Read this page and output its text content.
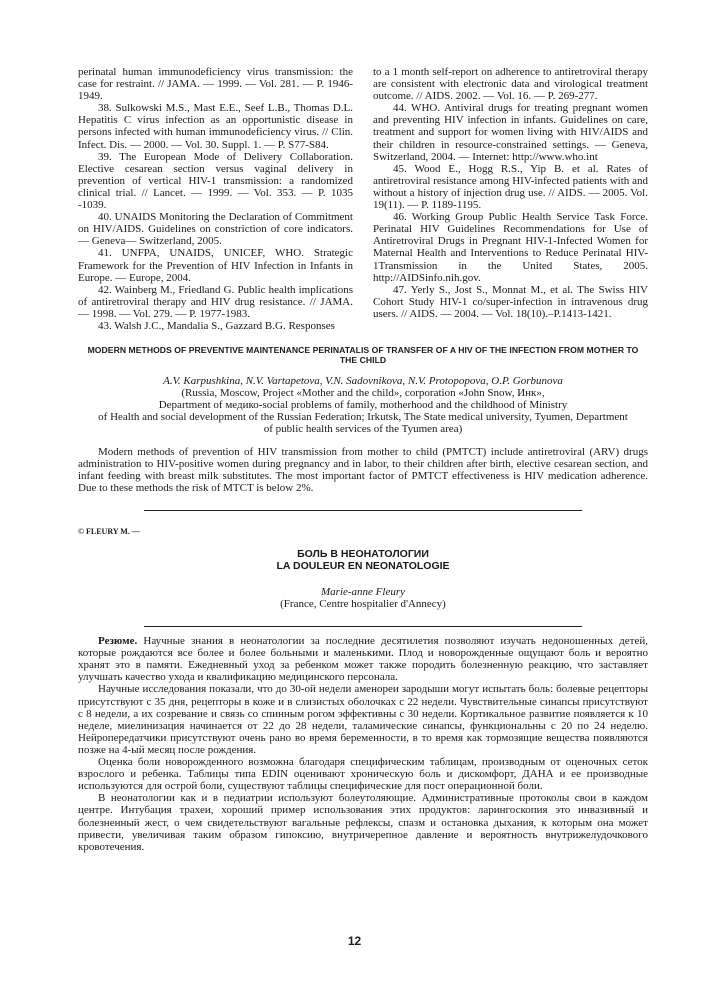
perinatal human immunodeficiency virus transmission: the case for restraint. // JAMA. — 1999. — Vol. 281. — P. 1946-1949.

38. Sulkowski M.S., Mast E.E., Seef L.B., Thomas D.L. Hepatitis C virus infection as an opportunistic disease in persons infected with human immunodeficiency virus. // Clin. Infect. Dis. — 2000. — Vol. 30. Suppl. 1. — P. S77-S84.

39. The European Mode of Delivery Collaboration. Elective cesarean section versus vaginal delivery in prevention of vertical HIV-1 transmission: a randomized clinical trial. // Lancet. — 1999. — Vol. 353. — P. 1035 -1039.

40. UNAIDS Monitoring the Declaration of Commitment on HIV/AIDS. Guidelines on constriction of core indicators. — Geneva— Switzerland, 2005.

41. UNFPA, UNAIDS, UNICEF, WHO. Strategic Framework for the Prevention of HIV Infection in Infants in Europe. — Europe, 2004.

42. Wainberg M., Friedland G. Public health implications of antiretroviral therapy and HIV drug resistance. // JAMA. — 1998. — Vol. 279. — P. 1977-1983.

43. Walsh J.C., Mandalia S., Gazzard B.G. Responses

to a 1 month self-report on adherence to antiretroviral therapy are consistent with electronic data and virological treatment outcome. // AIDS. 2002. — Vol. 16. — P. 269-277.

44. WHO. Antiviral drugs for treating pregnant women and preventing HIV infection in infants. Guidelines on care, treatment and support for women living with HIV/AIDS and their children in resource-constrained settings. — Geneva, Switzerland, 2004. — Internet: http://www.who.int

45. Wood E., Hogg R.S., Yip B. et al. Rates of antiretroviral resistance among HIV-infected patients with and without a history of injection drug use. // AIDS. — 2005. Vol. 19(11). — P. 1189-1195.

46. Working Group Public Health Service Task Force. Perinatal HIV Guidelines Recommendations for Use of Antiretroviral Drugs in Pregnant HIV-1-Infected Women for Maternal Health and Interventions to Reduce Perinatal HIV-1Transmission in the United States, 2005. http://AIDSinfo.nih.gov.

47. Yerly S., Jost S., Monnat M., et al. The Swiss HIV Cohort Study HIV-1 co/super-infection in intravenous drug users. // AIDS. — 2004. — Vol. 18(10).–P.1413-1421.

MODERN METHODS OF PREVENTIVE MAINTENANCE PERINATALIS OF TRANSFER OF A HIV OF THE INFECTION FROM MOTHER TO THE CHILD
A.V. Karpushkina, N.V. Vartapetova, V.N. Sadovnikova, N.V. Protopopova, O.P. Gorbunova
(Russia, Moscow, Project «Mother and the child», corporation «John Snow, Инк»,
Department of медико-social problems of family, motherhood and the childhood of Ministry
of Health and social development of the Russian Federation; Irkutsk, The State medical university, Tyumen, Department
of public health services of the Tyumen area)

Modern methods of prevention of HIV transmission from mother to child (PMTCT) include antiretroviral (ARV) drugs administration to HIV-positive women during pregnancy and in labor, to their children after birth, elective cesarean section, and infant feeding with breast milk substitutes. The most important factor of PMTCT effectiveness is HIV medication adherence. Due to these methods the risk of MTCT is below 2%.

© FLEURY M. —
БОЛЬ В НЕОНАТОЛОГИИ
LA DOULEUR EN NEONATOLOGIE
Marie-anne Fleury
(France, Centre hospitalier d'Annecy)

Резюме. Научные знания в неонатологии за последние десятилетия позволяют изучать недоношенных детей, которые рождаются все более и более больными и маленькими. Плод и новорожденные ощущают боль и вероятно хранят это в памяти. Ежедневный уход за ребенком может также породить болезненную реакцию, что заставляет улучшать качество ухода и квалификацию медицинского персонала.

Научные исследования показали, что до 30-ой недели аменореи зародыши могут испытать боль: болевые рецепторы присутствуют с 35 дня, рецепторы в коже и в слизистых оболочках с 22 недели. Чувствительные синапсы присутствуют с 8 недели, а их созревание и связь со спинным рогом эффективны с 30 недели. Кортикальное развитие появляется к 10 неделе, миелинизация начинается от 22 до 28 недели, таламические синапсы, функциональны с 20 по 24 неделю. Нейропередатчики присутствуют очень рано во время беременности, в то время как тормозящие вещества появляются позже на 4-ый месяц после рождения.

Оценка боли новорожденного возможна благодаря специфическим таблицам, производным от оценочных сеток взрослого и ребенка. Таблицы типа EDIN оценивают хроническую боль и дискомфорт, ДАНА и ее производные используются для острой боли, существуют таблицы специфические для пост операционной боли.

В неонатологии как и в педиатрии используют болеутоляющие. Административные протоколы свои в каждом центре. Интубация трахеи, хороший пример использования этих продуктов: ларингоскопия это инвазивный и болезненный жест, о чем свидетельствуют вагальные рефлексы, спазм и остановка дыхания, к которым она может привести, увеличивая таким образом гипоксию, внутричерепное давление и вероятность внутрижелудочкового кровотечения.

12
